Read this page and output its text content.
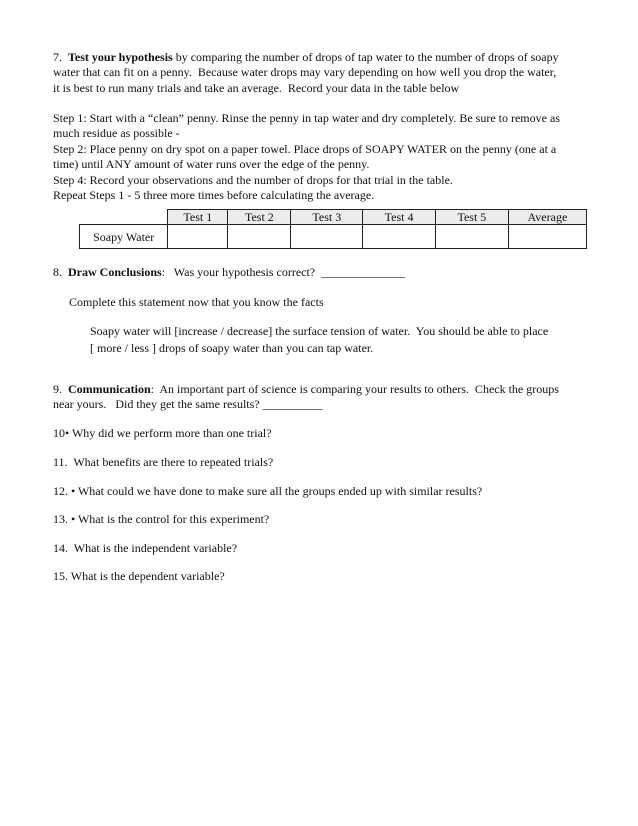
7. Test your hypothesis by comparing the number of drops of tap water to the number of drops of soapy
water that can fit on a penny.  Because water drops may vary depending on how well you drop the water,
it is best to run many trials and take an average.  Record your data in the table below
Step 1: Start with a “clean” penny. Rinse the penny in tap water and dry completely. Be sure to remove as
much residue as possible -
Step 2: Place penny on dry spot on a paper towel. Place drops of SOAPY WATER on the penny (one at a
time) until ANY amount of water runs over the edge of the penny.
Step 4: Record your observations and the number of drops for that trial in the table.
Repeat Steps 1 - 5 three more times before calculating the average.
	Test 1	Test 2	Test 3	Test 4	Test 5	Average
Soapy Water						
8. Draw Conclusions:   Was your hypothesis correct?  ______________
Complete this statement now that you know the facts
Soapy water will [increase / decrease] the surface tension of water.  You should be able to place
[ more / less ] drops of soapy water than you can tap water.
9. Communication:  An important part of science is comparing your results to others.  Check the groups
near yours.   Did they get the same results? __________
10• Why did we perform more than one trial?
11.  What benefits are there to repeated trials?
12. • What could we have done to make sure all the groups ended up with similar results?
13. • What is the control for this experiment?
14.  What is the independent variable?
15. What is the dependent variable?
